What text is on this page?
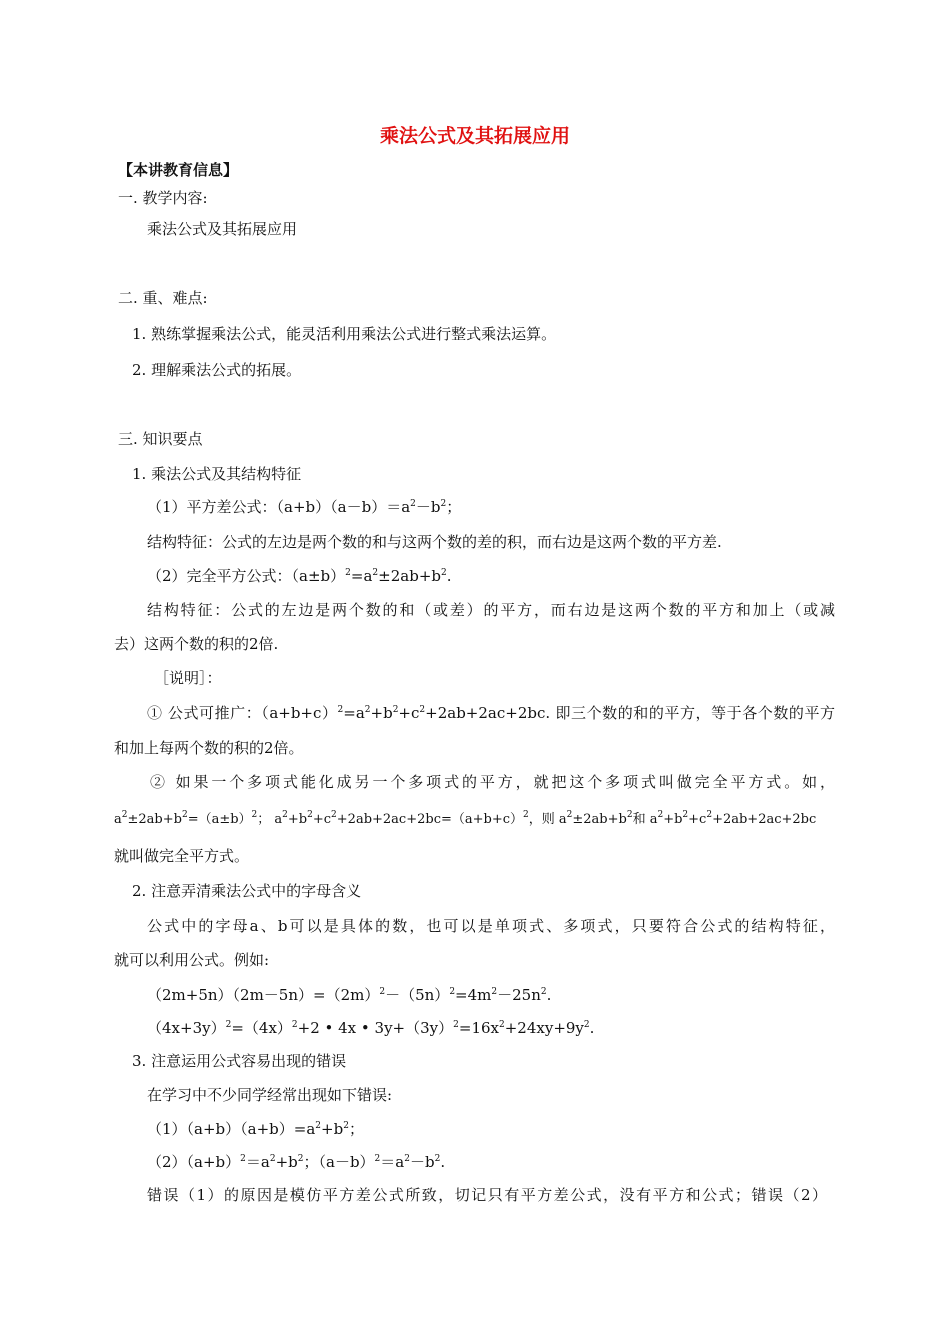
乘法公式及其拓展应用
【本讲教育信息】
一. 教学内容:
乘法公式及其拓展应用
二. 重、难点:
1. 熟练掌握乘法公式，能灵活利用乘法公式进行整式乘法运算。
2. 理解乘法公式的拓展。
三. 知识要点
1. 乘法公式及其结构特征
（1）平方差公式：$(a+b)(a-b)=a^2-b^2$；
结构特征：公式的左边是两个数的和与这两个数的差的积，而右边是这两个数的平方差.
（2）完全平方公式：$(a\pm b)^2=a^2\pm 2ab+b^2$.
结构特征：公式的左边是两个数的和（或差）的平方，而右边是这两个数的平方和加上（或减
去）这两个数的积的2倍.
［说明］：
① 公式可推广：$(a+b+c)^2=a^2+b^2+c^2+2ab+2ac+2bc$. 即三个数的和的平方，等于各个数的平方
和加上每两个数的积的2倍。
② 如果一个多项式能化成另一个多项式的平方，就把这个多项式叫做完全平方式。如，
$a^2\pm 2ab+b^2=(a\pm b)^2$； $a^2+b^2+c^2+2ab+2ac+2bc=(a+b+c)^2$，则 $a^2\pm 2ab+b^2$和 $a^2+b^2+c^2+2ab+2ac+2bc$
就叫做完全平方式。
2. 注意弄清乘法公式中的字母含义
公式中的字母a、b可以是具体的数，也可以是单项式、多项式，只要符合公式的结构特征，
就可以利用公式。例如:
$(2m+5n)(2m-5n)=(2m)^2-(5n)^2=4m^2-25n^2$.
$(4x+3y)^2=(4x)^2+2$ • 4x • $3y+(3y)^2=16x^2+24xy+9y^2$.
3. 注意运用公式容易出现的错误
在学习中不少同学经常出现如下错误:
$(1)(a+b)(a+b)=a^2+b^2$；
$(2)(a+b)^2=a^2+b^2$；$(a-b)^2=a^2-b^2$.
错误（1）的原因是模仿平方差公式所致，切记只有平方差公式，没有平方和公式；错误（2）
